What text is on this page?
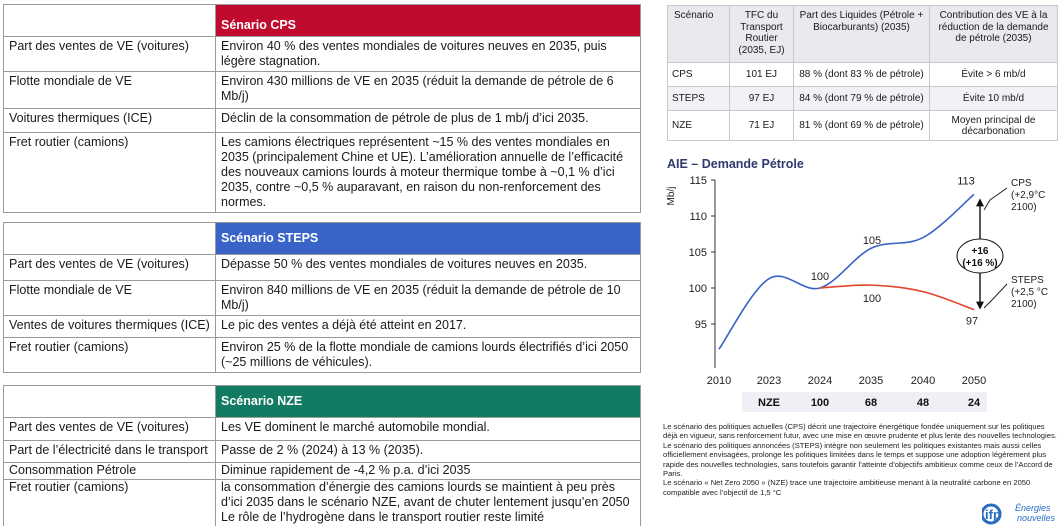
	Sénario CPS
Part des ventes de VE (voitures)	Environ 40 % des ventes mondiales de voitures neuves en 2035, puis légère stagnation.
Flotte mondiale de VE	Environ 430 millions de VE en 2035 (réduit la demande de pétrole de 6 Mb/j)
Voitures thermiques (ICE)	Déclin de la consommation de pétrole de plus de 1 mb/j d’ici 2035.
Fret routier (camions)	Les camions électriques représentent ~15 % des ventes mondiales en 2035 (principalement Chine et UE). L’amélioration annuelle de l’efficacité des nouveaux camions lourds à moteur thermique tombe à ~0,1 % d’ici 2035, contre ~0,5 % auparavant, en raison du non-renforcement des normes.
	Scénario STEPS
Part des ventes de VE (voitures)	Dépasse 50 % des ventes mondiales de voitures neuves en 2035.
Flotte mondiale de VE	Environ 840 millions de VE en 2035 (réduit la demande de pétrole de 10 Mb/j)
Ventes de voitures thermiques (ICE)	Le pic des ventes a déjà été atteint en 2017.
Fret routier (camions)	Environ 25 % de la flotte mondiale de camions lourds électrifiés d’ici 2050 (~25 millions de véhicules).
	Scénario NZE
Part des ventes de VE (voitures)	Les VE dominent le marché automobile mondial.
Part de l’électricité dans le transport	Passe de 2 % (2024) à 13 % (2035).
Consommation Pétrole	Diminue rapidement de -4,2 % p.a. d’ici 2035
Fret routier (camions)	la consommation d’énergie des camions lourds se maintient à peu près d’ici 2035 dans le scénario NZE, avant de chuter lentement jusqu’en 2050 Le rôle de l’hydrogène dans le transport routier reste limité
Scénario	TFC du Transport Routier (2035, EJ)	Part des Liquides (Pétrole + Biocarburants) (2035)	Contribution des VE à la réduction de la demande de pétrole (2035)
CPS	101 EJ	88 % (dont 83 % de pétrole)	Évite > 6 mb/d
STEPS	97 EJ	84 % (dont 79 % de pétrole)	Évite 10 mb/d
NZE	71 EJ	81 % (dont 69 % de pétrole)	Moyen principal de décarbonation
AIE – Demande Pétrole
95
100
105
110
115
Mb/j
2010 2023 2024 2035	2040 2050
100
105
100
113
97
CPS
(+2,9°C
2100)
STEPS
(+2,5 °C
2100)
+16
(+16 %)
NZE	100	68	48	24
Le scénario des politiques actuelles (CPS) décrit une trajectoire énergétique fondée uniquement sur les politiques déjà en vigueur, sans renforcement futur, avec une mise en œuvre prudente et plus lente des nouvelles technologies.
Le scénario des politiques annoncées (STEPS) intègre non seulement les politiques existantes mais aussi celles officiellement envisagées, prolonge les politiques limitées dans le temps et suppose une adoption légèrement plus rapide des nouvelles technologies, sans toutefois garantir l’atteinte d’objectifs ambitieux comme ceux de l’Accord de Paris.
Le scénario « Net Zero 2050 » (NZE) trace une trajectoire ambitieuse menant à la neutralité carbone en 2050 compatible avec l’objectif de 1,5 °C
ifp Énergies
nouvelles
